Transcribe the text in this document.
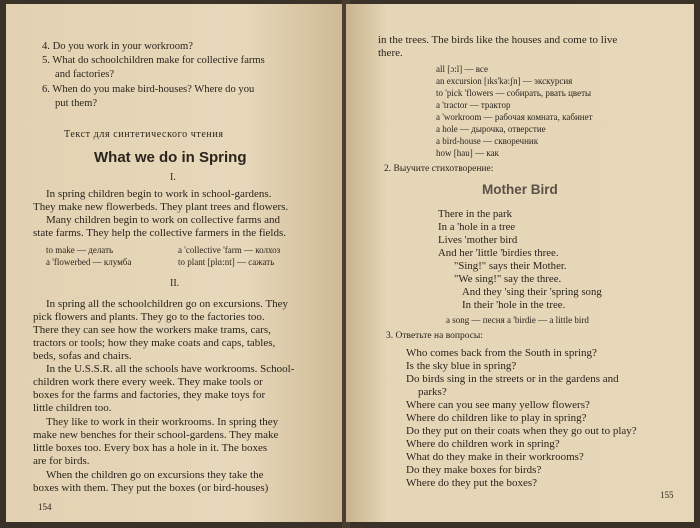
4. Do you work in your workroom?
5. What do schoolchildren make for collective farms
and factories?
6. When do you make bird-houses? Where do you
put them?
Текст для синтетического чтения
What we do in Spring
I.
In spring children begin to work in school-gardens.
They make new flowerbeds. They plant trees and flowers.
Many children begin to work on collective farms and
state farms. They help the collective farmers in the fields.
to make — делать
a 'flowerbed — клумба
a 'collective 'farm — колхоз
to plant [plɑ:nt] — сажать
II.
In spring all the schoolchildren go on excursions. They
pick flowers and plants. They go to the factories too.
There they can see how the workers make trams, cars,
tractors or tools; how they make coats and caps, tables,
beds, sofas and chairs.
In the U.S.S.R. all the schools have workrooms. School-
children work there every week. They make tools or
boxes for the farms and factories, they make toys for
little children too.
They like to work in their workrooms. In spring they
make new benches for their school-gardens. They make
little boxes too. Every box has a hole in it. The boxes
are for birds.
When the children go on excursions they take the
boxes with them. They put the boxes (or bird-houses)
154
in the trees. The birds like the houses and come to live
there.
all [ɔ:l] — все
an excursion [ɪks'kə:ʃn] — экскурсия
to 'pick 'flowers — собирать, рвать цветы
a 'tractor — трактор
a 'workroom — рабочая комната, кабинет
a hole — дырочка, отверстие
a bird-house — скворечник
how [hau] — как
2. Выучите стихотворение:
Mother Bird
There in the park
In a 'hole in a tree
Lives 'mother bird
And her 'little 'birdies three.
"Sing!" says their Mother.
"We sing!" say the three.
And they 'sing their 'spring song
In their 'hole in the tree.
a song — песня a 'birdie — a little bird
3. Ответьте на вопросы:
Who comes back from the South in spring?
Is the sky blue in spring?
Do birds sing in the streets or in the gardens and
parks?
Where can you see many yellow flowers?
Where do children like to play in spring?
Do they put on their coats when they go out to play?
Where do children work in spring?
What do they make in their workrooms?
Do they make boxes for birds?
Where do they put the boxes?
155
